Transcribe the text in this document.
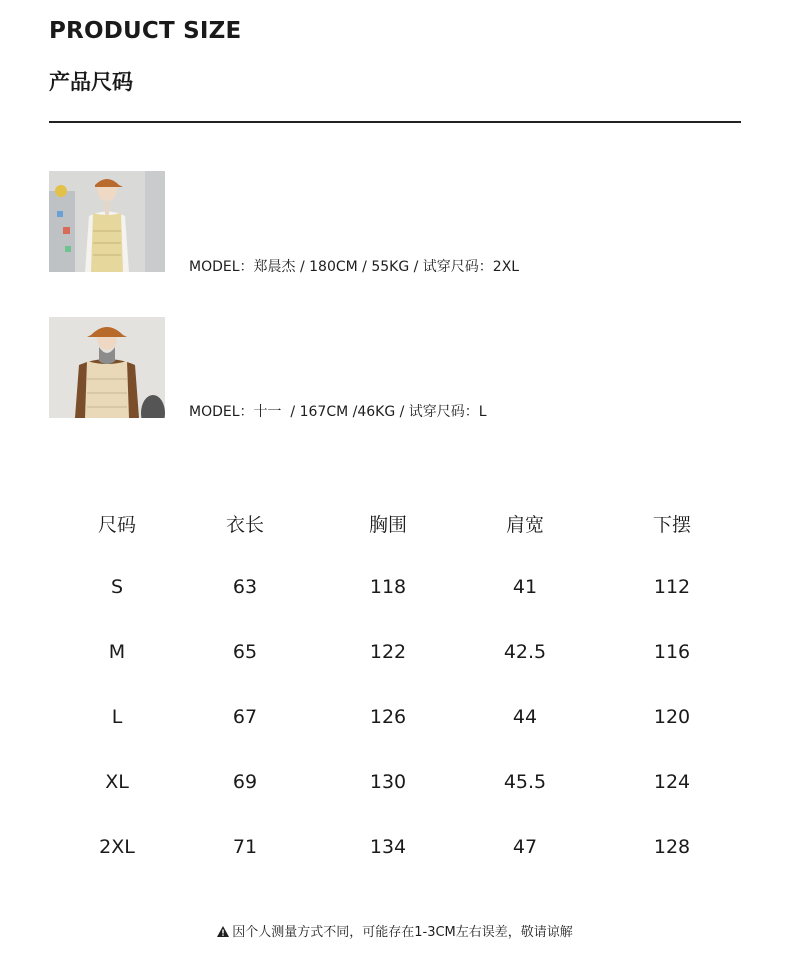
PRODUCT SIZE
产品尺码
MODEL：郑晨杰 / 180CM / 55KG / 试穿尺码：2XL
MODEL：十一  / 167CM /46KG / 试穿尺码：L
尺码	衣长	胸围	肩宽	下摆
S	63	118	41	112
M	65	122	42.5	116
L	67	126	44	120
XL	69	130	45.5	124
2XL	71	134	47	128
因个人测量方式不同，可能存在1-3CM左右误差，敬请谅解
